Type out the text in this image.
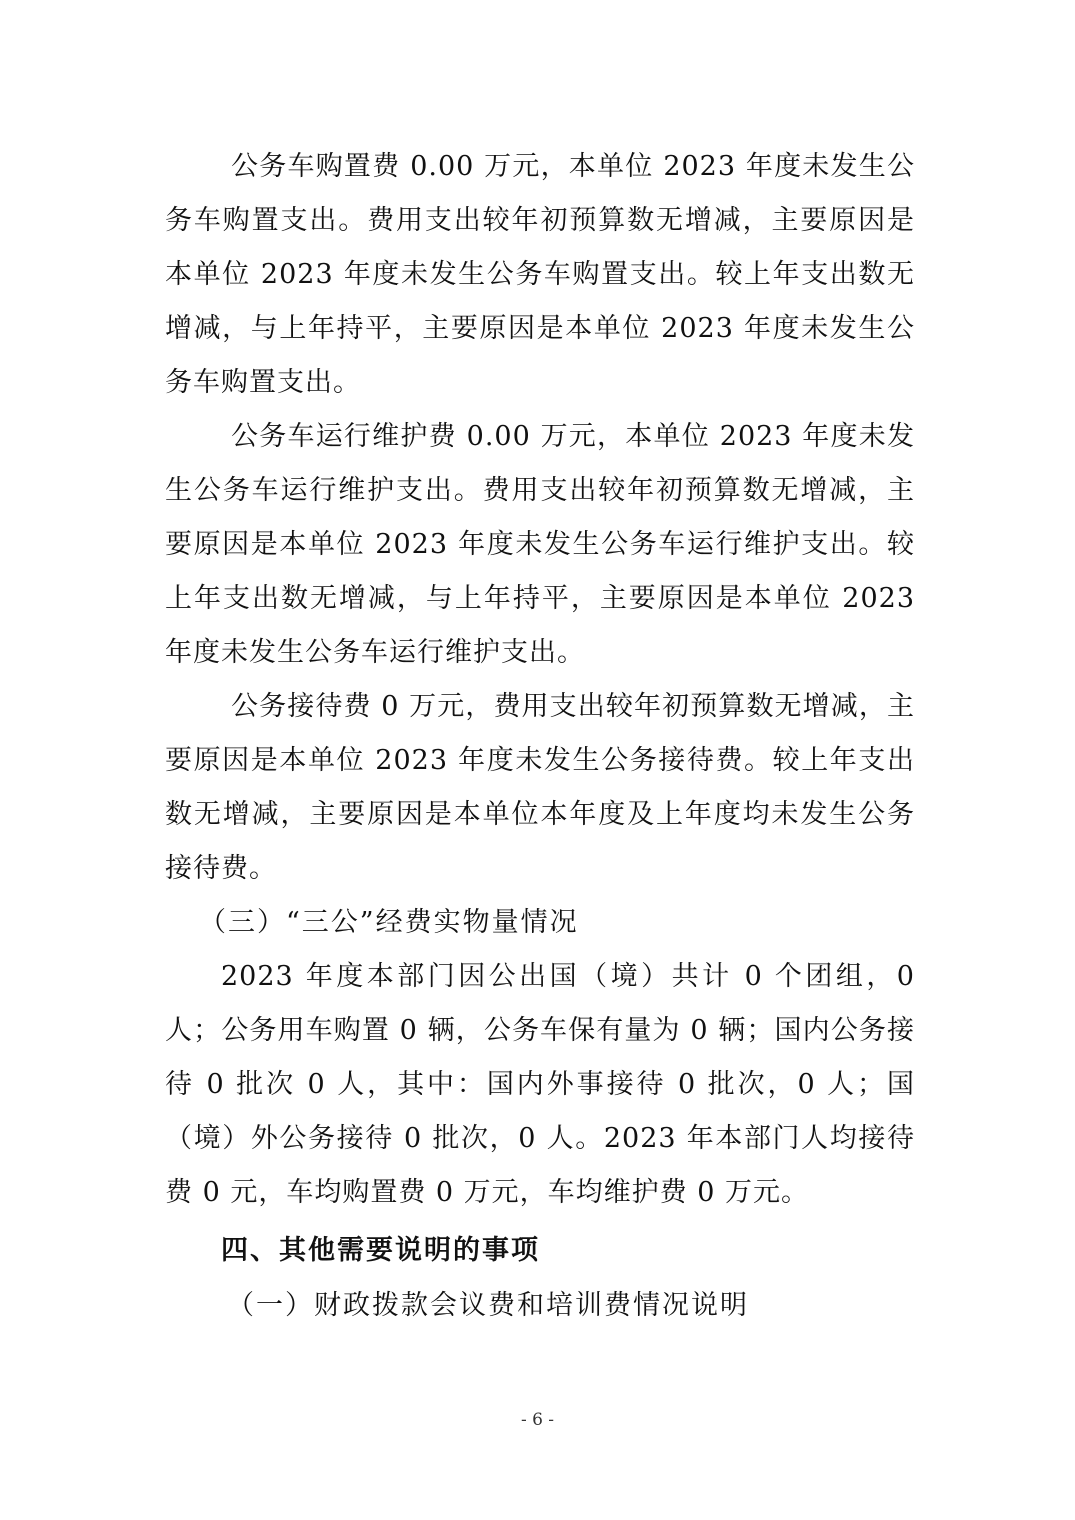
公务车购置费 0.00 万元，本单位 2023 年度未发生公务车购置支出。费用支出较年初预算数无增减，主要原因是本单位 2023 年度未发生公务车购置支出。较上年支出数无增减，与上年持平，主要原因是本单位 2023 年度未发生公务车购置支出。

公务车运行维护费 0.00 万元，本单位 2023 年度未发生公务车运行维护支出。费用支出较年初预算数无增减，主要原因是本单位 2023 年度未发生公务车运行维护支出。较上年支出数无增减，与上年持平，主要原因是本单位 2023 年度未发生公务车运行维护支出。

公务接待费 0 万元，费用支出较年初预算数无增减，主要原因是本单位 2023 年度未发生公务接待费。较上年支出数无增减，主要原因是本单位本年度及上年度均未发生公务接待费。

（三）“三公”经费实物量情况

2023 年度本部门因公出国（境）共计 0 个团组，0 人；公务用车购置 0 辆，公务车保有量为 0 辆；国内公务接待 0 批次 0 人，其中：国内外事接待 0 批次，0 人；国（境）外公务接待 0 批次，0 人。2023 年本部门人均接待费 0 元，车均购置费 0 万元，车均维护费 0 万元。

四、其他需要说明的事项

（一）财政拨款会议费和培训费情况说明

- 6 -
